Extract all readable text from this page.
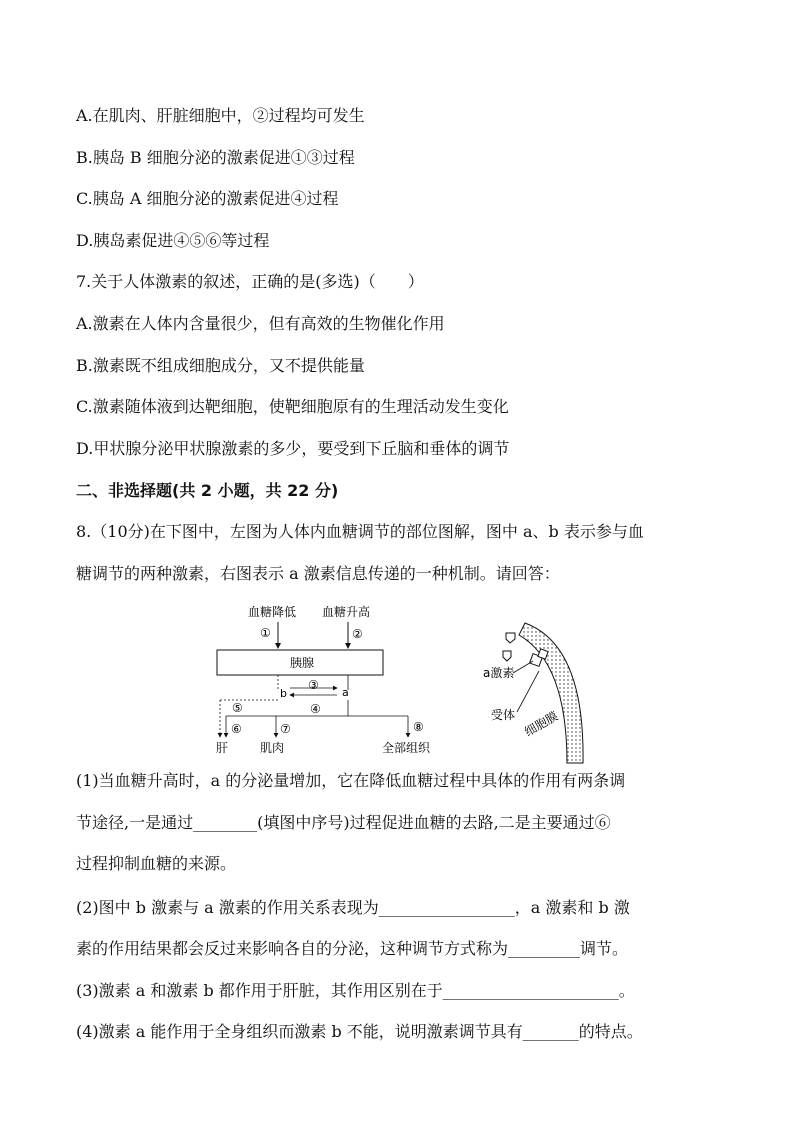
A.在肌肉、肝脏细胞中，②过程均可发生
B.胰岛 B 细胞分泌的激素促进①③过程
C.胰岛 A 细胞分泌的激素促进④过程
D.胰岛素促进④⑤⑥等过程
7.关于人体激素的叙述，正确的是(多选)（　　）
A.激素在人体内含量很少，但有高效的生物催化作用
B.激素既不组成细胞成分，又不提供能量
C.激素随体液到达靶细胞，使靶细胞原有的生理活动发生变化
D.甲状腺分泌甲状腺激素的多少，要受到下丘脑和垂体的调节
二、非选择题(共 2 小题，共 22 分)
8.（10分)在下图中，左图为人体内血糖调节的部位图解，图中 a、b 表示参与血
糖调节的两种激素，右图表示 a 激素信息传递的一种机制。请回答：
血糖降低 血糖升高
①	②
胰腺
b	a
③
④
⑤
⑥	⑦	⑧
肝	肌肉	全部组织
a激素
受体 细胞膜
(1)当血糖升高时，a 的分泌量增加，它在降低血糖过程中具体的作用有两条调
节途径,一是通过________(填图中序号)过程促进血糖的去路,二是主要通过⑥
过程抑制血糖的来源。
(2)图中 b 激素与 a 激素的作用关系表现为_________________，a 激素和 b 激
素的作用结果都会反过来影响各自的分泌，这种调节方式称为_________调节。
(3)激素 a 和激素 b 都作用于肝脏，其作用区别在于______________________。
(4)激素 a 能作用于全身组织而激素 b 不能，说明激素调节具有_______的特点。
